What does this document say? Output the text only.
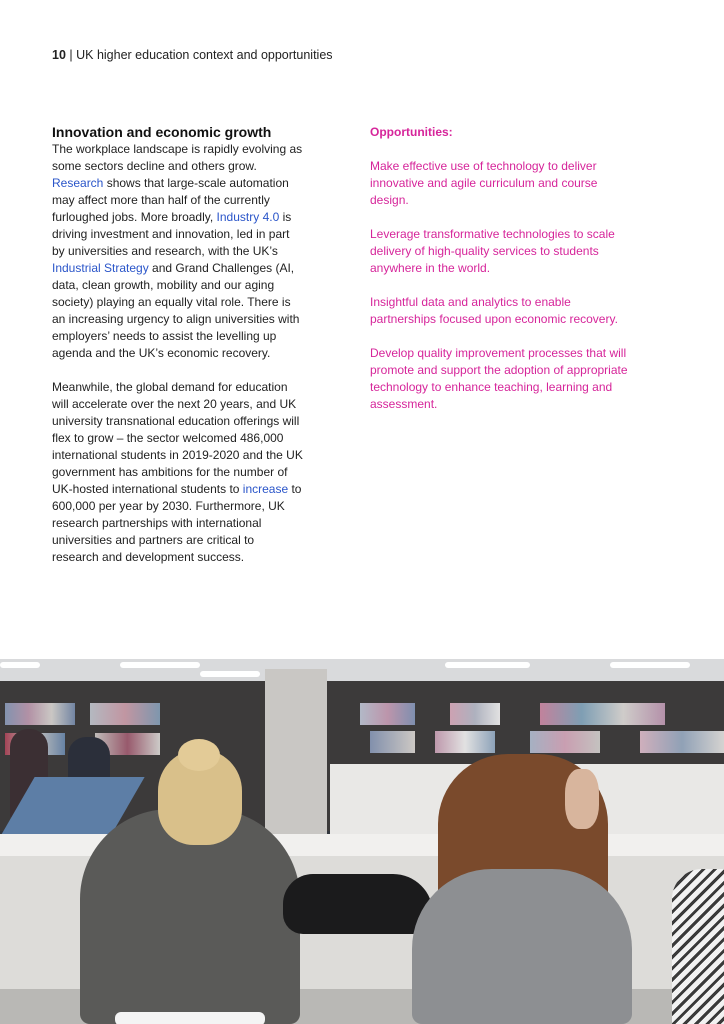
10 | UK higher education context and opportunities
Innovation and economic growth

The workplace landscape is rapidly evolving as some sectors decline and others grow. Research shows that large-scale automation may affect more than half of the currently furloughed jobs. More broadly, Industry 4.0 is driving investment and innovation, led in part by universities and research, with the UK’s Industrial Strategy and Grand Challenges (AI, data, clean growth, mobility and our aging society) playing an equally vital role. There is an increasing urgency to align universities with employers’ needs to assist the levelling up agenda and the UK’s economic recovery.

Meanwhile, the global demand for education will accelerate over the next 20 years, and UK university transnational education offerings will flex to grow – the sector welcomed 486,000 international students in 2019-2020 and the UK government has ambitions for the number of UK-hosted international students to increase to 600,000 per year by 2030. Furthermore, UK research partnerships with international universities and partners are critical to research and development success.

Opportunities:

Make effective use of technology to deliver innovative and agile curriculum and course design.

Leverage transformative technologies to scale delivery of high-quality services to students anywhere in the world.

Insightful data and analytics to enable partnerships focused upon economic recovery.

Develop quality improvement processes that will promote and support the adoption of appropriate technology to enhance teaching, learning and assessment.
